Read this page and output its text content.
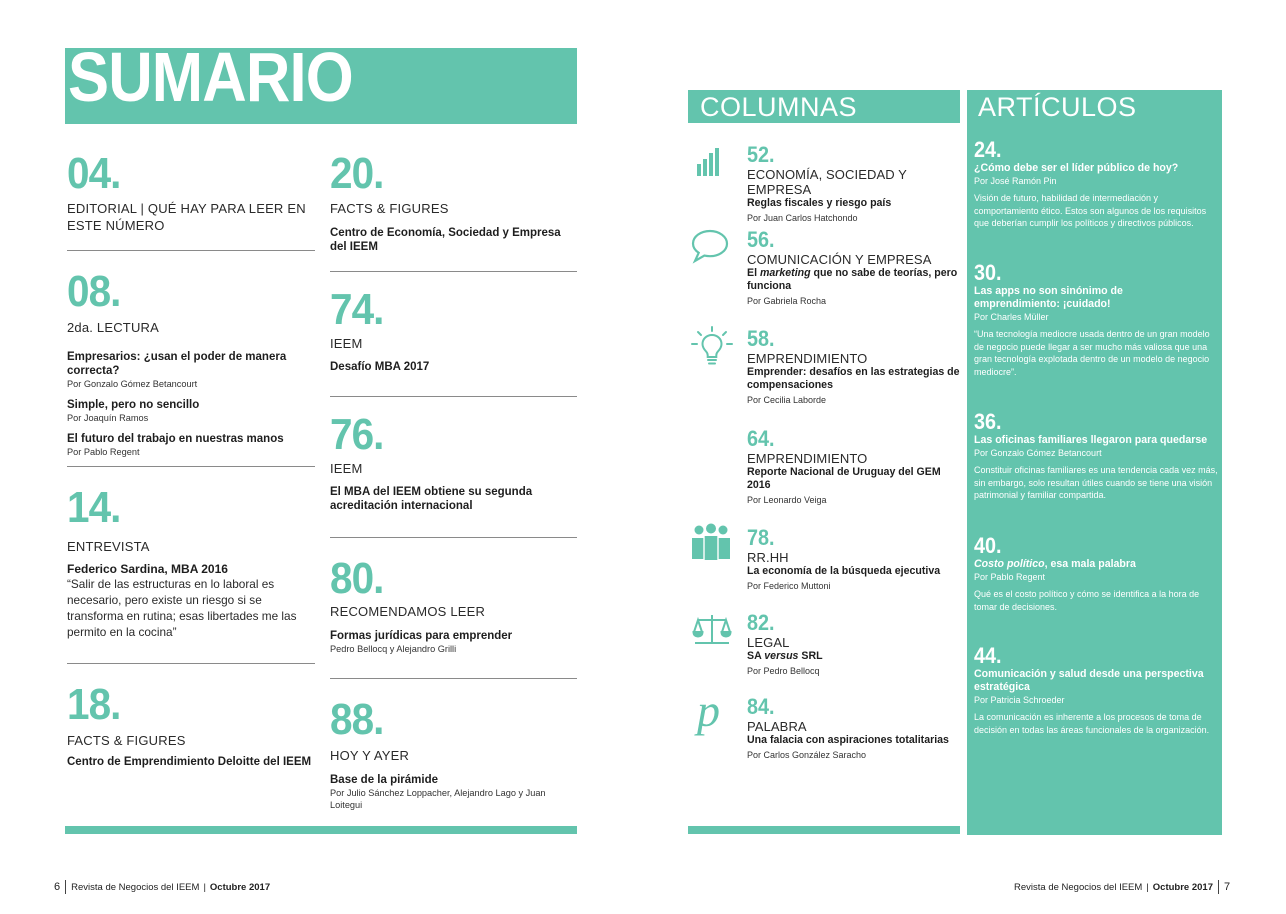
SUMARIO
04.
EDITORIAL | QUÉ HAY PARA LEER EN ESTE NÚMERO
08.
2da. LECTURA
Empresarios: ¿usan el poder de manera correcta?
Por Gonzalo Gómez Betancourt
Simple, pero no sencillo
Por Joaquín Ramos
El futuro del trabajo en nuestras manos
Por Pablo Regent
14.
ENTREVISTA
Federico Sardina, MBA 2016
“Salir de las estructuras en lo laboral es necesario, pero existe un riesgo si se transforma en rutina; esas libertades me las permito en la cocina”
18.
FACTS & FIGURES
Centro de Emprendimiento Deloitte del IEEM
20.
FACTS & FIGURES
Centro de Economía, Sociedad y Empresa del IEEM
74.
IEEM
Desafío MBA 2017
76.
IEEM
El MBA del IEEM obtiene su segunda acreditación internacional
80.
RECOMENDAMOS LEER
Formas jurídicas para emprender
Pedro Bellocq y Alejandro Grilli
88.
HOY Y AYER
Base de la pirámide
Por Julio Sánchez Loppacher, Alejandro Lago y Juan Loitegui
COLUMNAS
p
52.
ECONOMÍA, SOCIEDAD Y EMPRESA
Reglas fiscales y riesgo país
Por Juan Carlos Hatchondo
56.
COMUNICACIÓN Y EMPRESA
El marketing que no sabe de teorías, pero funciona
Por Gabriela Rocha
58.
EMPRENDIMIENTO
Emprender: desafíos en las estrategias de compensaciones
Por Cecilia Laborde
64.
EMPRENDIMIENTO
Reporte Nacional de Uruguay del GEM 2016
Por Leonardo Veiga
78.
RR.HH
La economía de la búsqueda ejecutiva
Por Federico Muttoni
82.
LEGAL
SA versus SRL
Por Pedro Bellocq
84.
PALABRA
Una falacia con aspiraciones totalitarias
Por Carlos González Saracho
ARTÍCULOS
24.
¿Cómo debe ser el líder público de hoy?
Por José Ramón Pin
Visión de futuro, habilidad de intermediación y comportamiento ético. Estos son algunos de los requisitos que deberían cumplir los políticos y directivos públicos.
30.
Las apps no son sinónimo de emprendimiento: ¡cuidado!
Por Charles Müller
“Una tecnología mediocre usada dentro de un gran modelo de negocio puede llegar a ser mucho más valiosa que una gran tecnología explotada dentro de un modelo de negocio mediocre”.
36.
Las oficinas familiares llegaron para quedarse
Por Gonzalo Gómez Betancourt
Constituir oficinas familiares es una tendencia cada vez más, sin embargo, solo resultan útiles cuando se tiene una visión patrimonial y familiar compartida.
40.
Costo político, esa mala palabra
Por Pablo Regent
Qué es el costo político y cómo se identifica a la hora de tomar de decisiones.
44.
Comunicación y salud desde una perspectiva estratégica
Por Patricia Schroeder
La comunicación es inherente a los procesos de toma de decisión en todas las áreas funcionales de la organización.
6 Revista de Negocios del IEEM | Octubre 2017	Revista de Negocios del IEEM | Octubre 2017 7
